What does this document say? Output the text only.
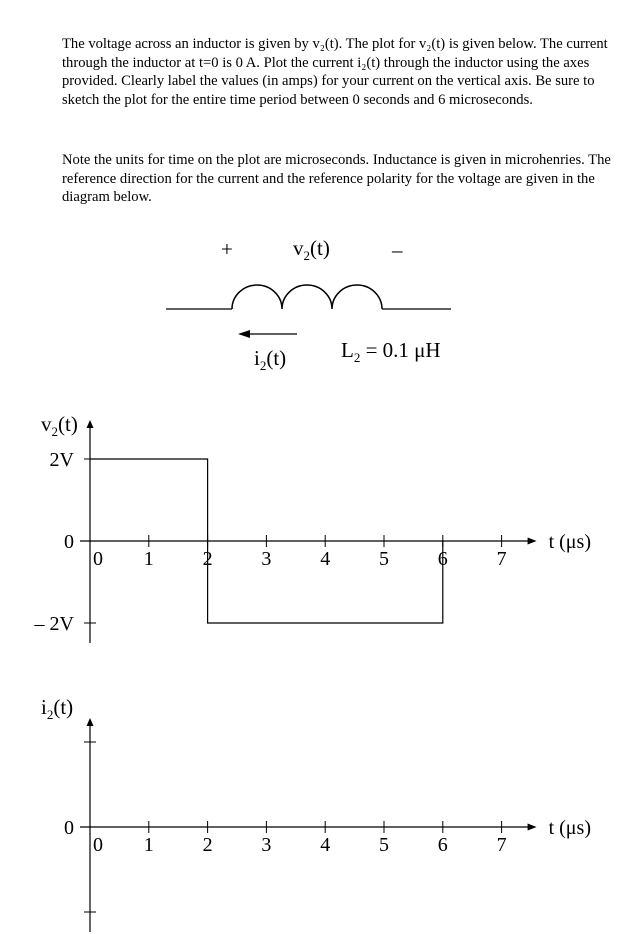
The voltage across an inductor is given by v₂(t). The plot for v₂(t) is given below. The current through the inductor at t=0 is 0 A. Plot the current i₂(t) through the inductor using the axes provided. Clearly label the values (in amps) for your current on the vertical axis. Be sure to sketch the plot for the entire time period between 0 seconds and 6 microseconds.

Note the units for time on the plot are microseconds. Inductance is given in microhenries. The reference direction for the current and the reference polarity for the voltage are given in the diagram below.

+	–
$v_2(t)$
$i_2(t)$	$L_2 = 0.1$ μH
$v_2(t)$
0 1 2 3 4 5 6 7
t (μs)
2V
0
– 2V
$i_2(t)$
0 1 2 3 4 5 6 7
t (μs)
0
